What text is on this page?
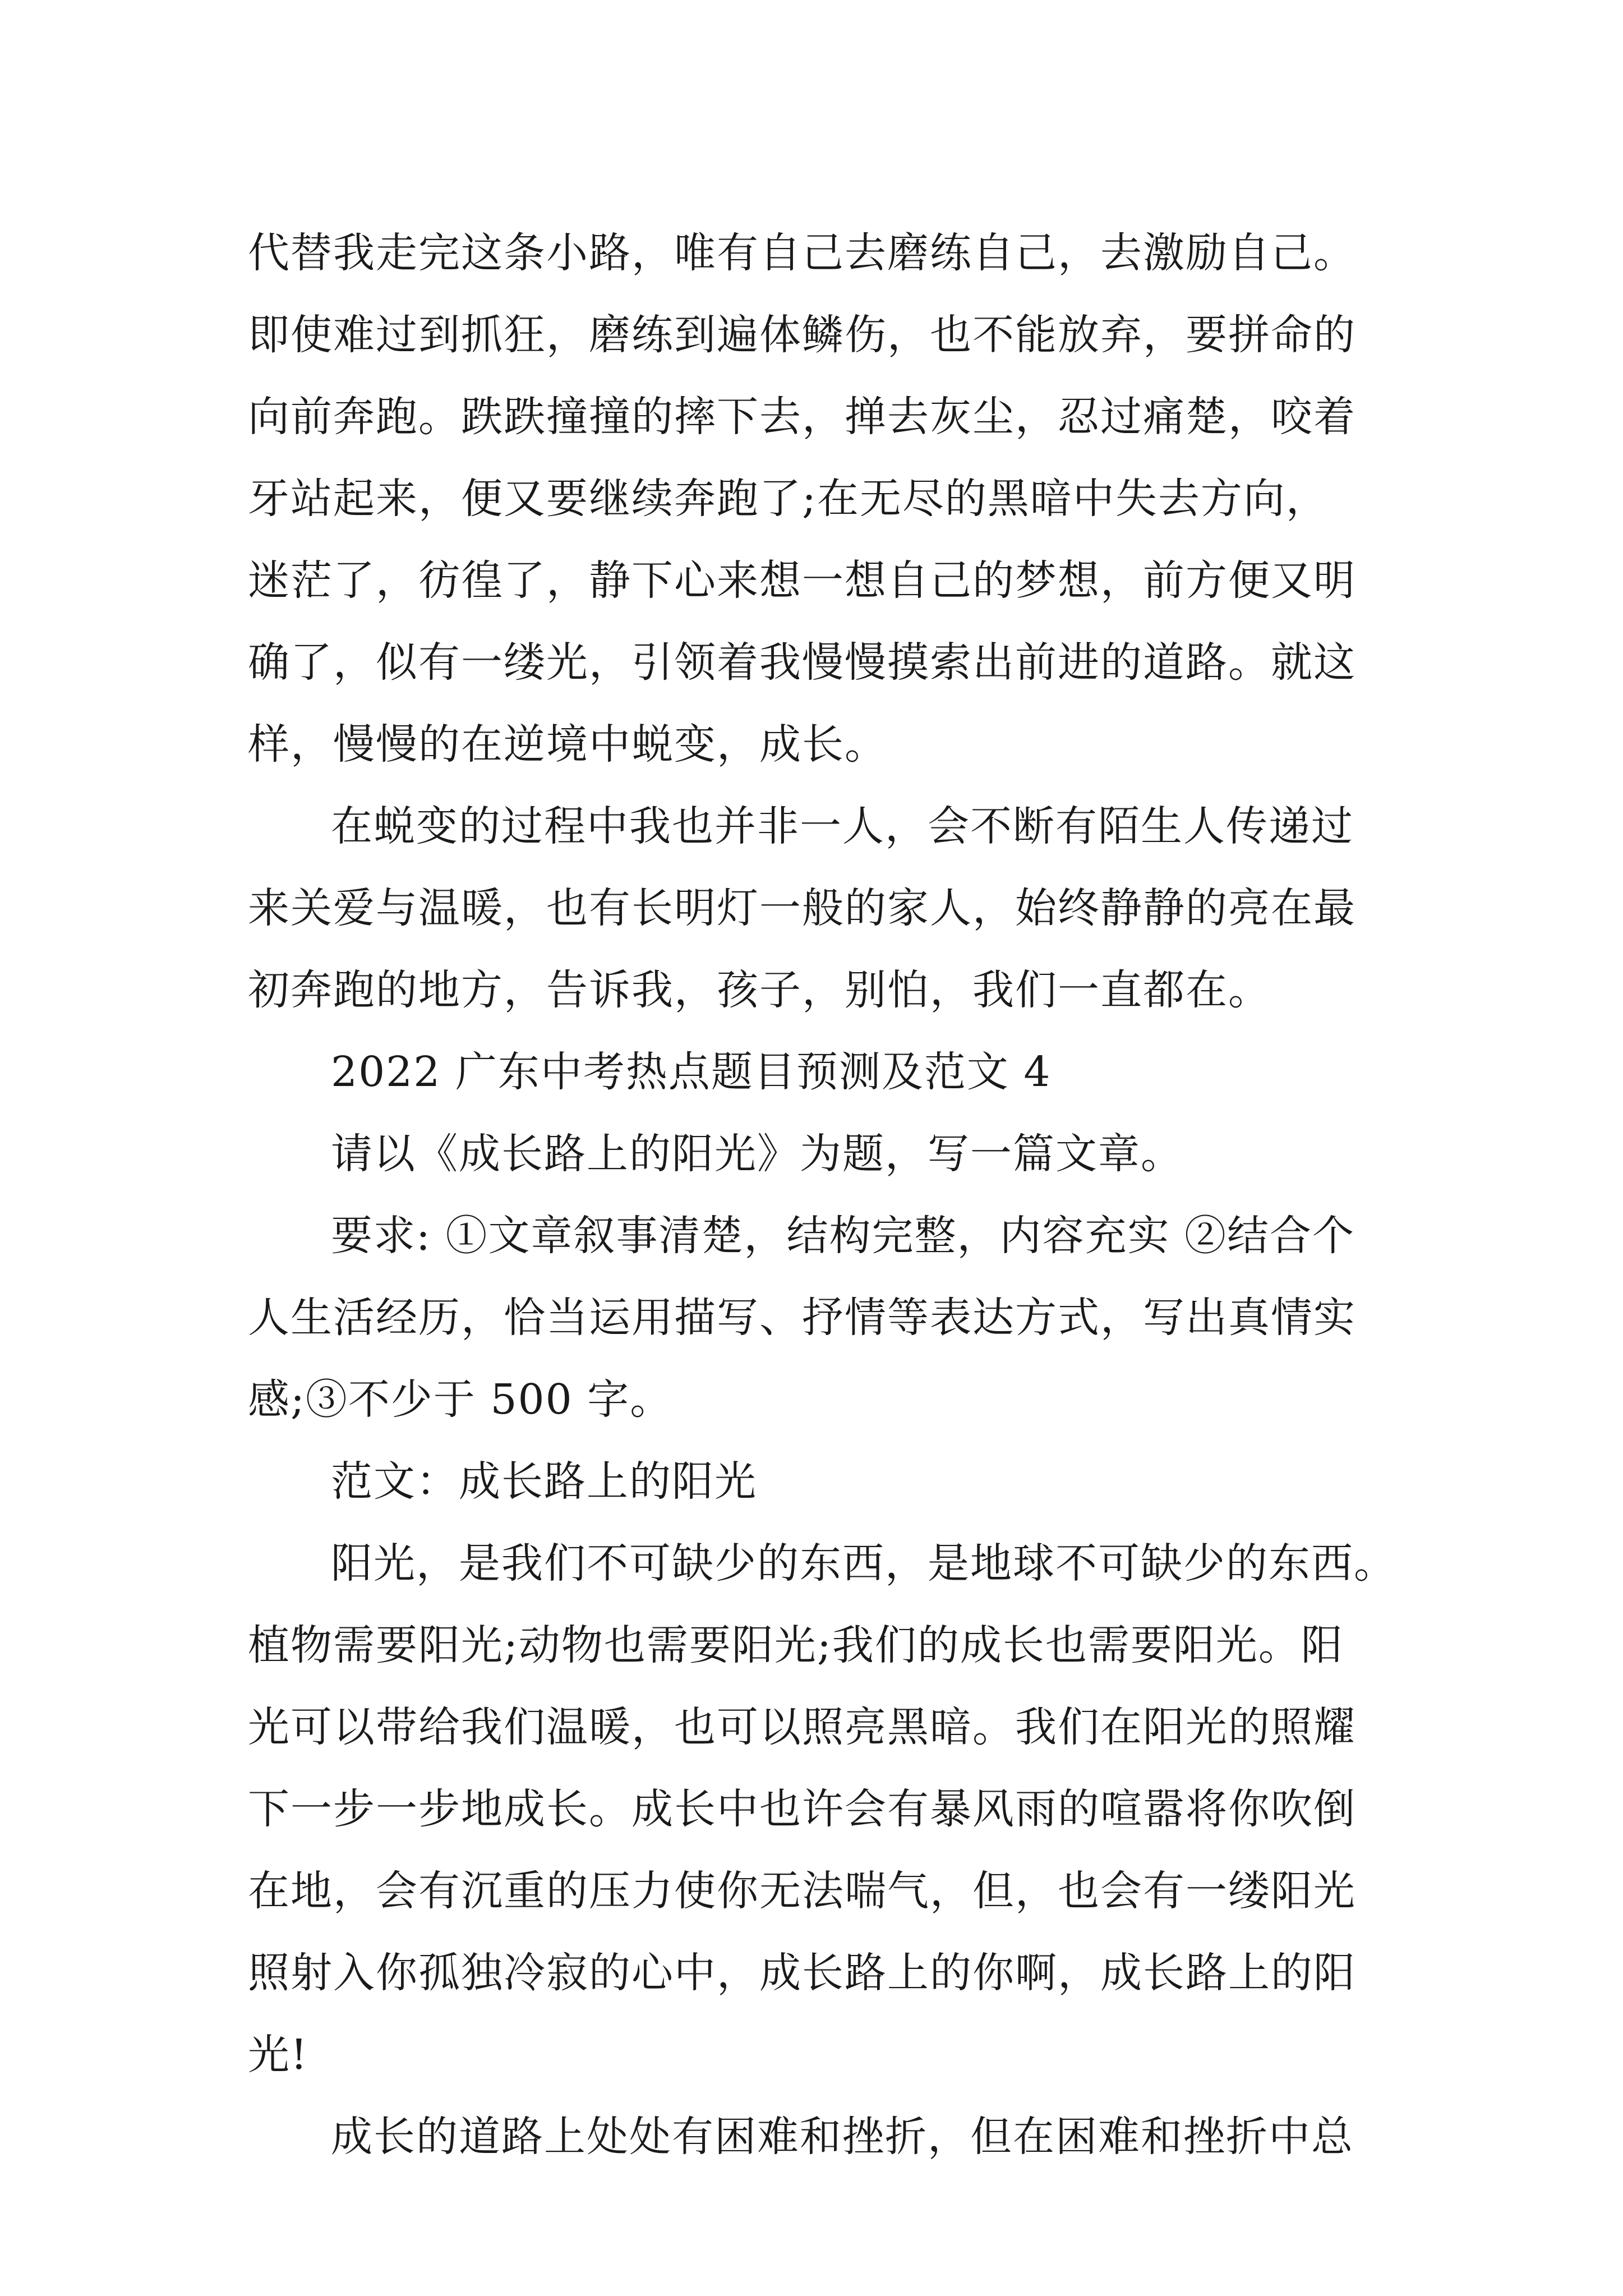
代替我走完这条小路，唯有自己去磨练自己，去激励自己。
即使难过到抓狂，磨练到遍体鳞伤，也不能放弃，要拼命的
向前奔跑。跌跌撞撞的摔下去，掸去灰尘，忍过痛楚，咬着
牙站起来，便又要继续奔跑了;在无尽的黑暗中失去方向，
迷茫了，彷徨了，静下心来想一想自己的梦想，前方便又明
确了，似有一缕光，引领着我慢慢摸索出前进的道路。就这
样，慢慢的在逆境中蜕变，成长。
在蜕变的过程中我也并非一人，会不断有陌生人传递过
来关爱与温暖，也有长明灯一般的家人，始终静静的亮在最
初奔跑的地方，告诉我，孩子，别怕，我们一直都在。
2022 广东中考热点题目预测及范文 4
请以《成长路上的阳光》为题，写一篇文章。
要求: ①文章叙事清楚，结构完整，内容充实 ②结合个
人生活经历，恰当运用描写、抒情等表达方式，写出真情实
感;③不少于 500 字。
范文：成长路上的阳光
阳光，是我们不可缺少的东西，是地球不可缺少的东西。
植物需要阳光;动物也需要阳光;我们的成长也需要阳光。阳
光可以带给我们温暖，也可以照亮黑暗。我们在阳光的照耀
下一步一步地成长。成长中也许会有暴风雨的喧嚣将你吹倒
在地，会有沉重的压力使你无法喘气，但，也会有一缕阳光
照射入你孤独冷寂的心中，成长路上的你啊，成长路上的阳
光!
成长的道路上处处有困难和挫折，但在困难和挫折中总
